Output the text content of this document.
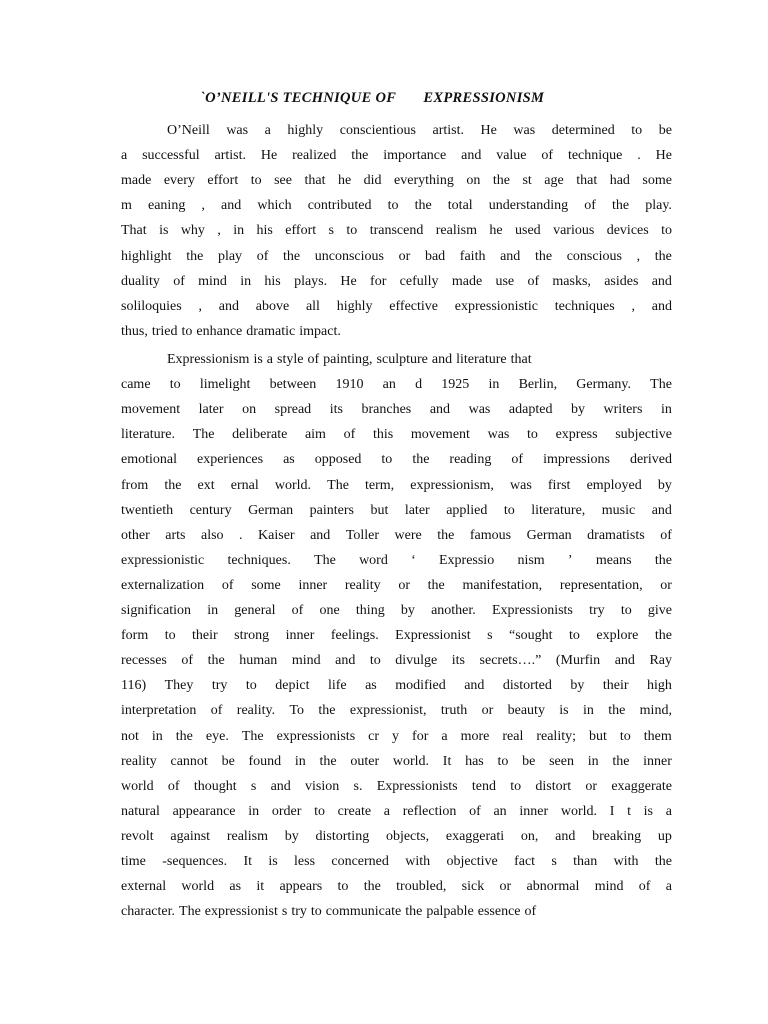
`O’NEILL'S TECHNIQUE OF       EXPRESSIONISM
O’Neill was a highly conscientious artist. He was determined to be
a successful artist. He realized the importance and value of technique . He
made every effort to see that he did everything on the st age that had some
m eaning , and which contributed to the total understanding of the play.
That is why , in his effort s to transcend realism he used various devices to
highlight the play of the unconscious or bad faith and the conscious , the
duality of mind in his plays. He for cefully made use of masks, asides and
soliloquies , and above all highly effective expressionistic techniques , and
thus, tried to enhance dramatic impact.
Expressionism is a style of painting, sculpture and literature that
came to limelight between 1910 an d 1925 in Berlin, Germany. The
movement later on spread its branches and was adapted by writers in
literature. The deliberate aim of this movement was to express subjective
emotional experiences as opposed to the reading of impressions derived
from the ext ernal world. The term, expressionism, was first employed by
twentieth century German painters but later applied to literature, music and
other arts also . Kaiser and Toller were the famous German dramatists of
expressionistic techniques. The word ‘ Expressio nism ’ means the
externalization of some inner reality or the manifestation, representation, or
signification in general of one thing by another. Expressionists try to give
form to their strong inner feelings. Expressionist s “sought to explore the
recesses of the human mind and to divulge its secrets….” (Murfin and Ray
116) They try to depict life as modified and distorted by their high
interpretation of reality. To the expressionist, truth or beauty is in the mind,
not in the eye. The expressionists cr y for a more real reality; but to them
reality cannot be found in the outer world. It has to be seen in the inner
world of thought s and vision s. Expressionists tend to distort or exaggerate
natural appearance in order to create a reflection of an inner world. I t is a
revolt against realism by distorting objects, exaggerati on, and breaking up
time -sequences. It is less concerned with objective fact s than with the
external world as it appears to the troubled, sick or abnormal mind of a
character. The expressionist s try to communicate the palpable essence of
